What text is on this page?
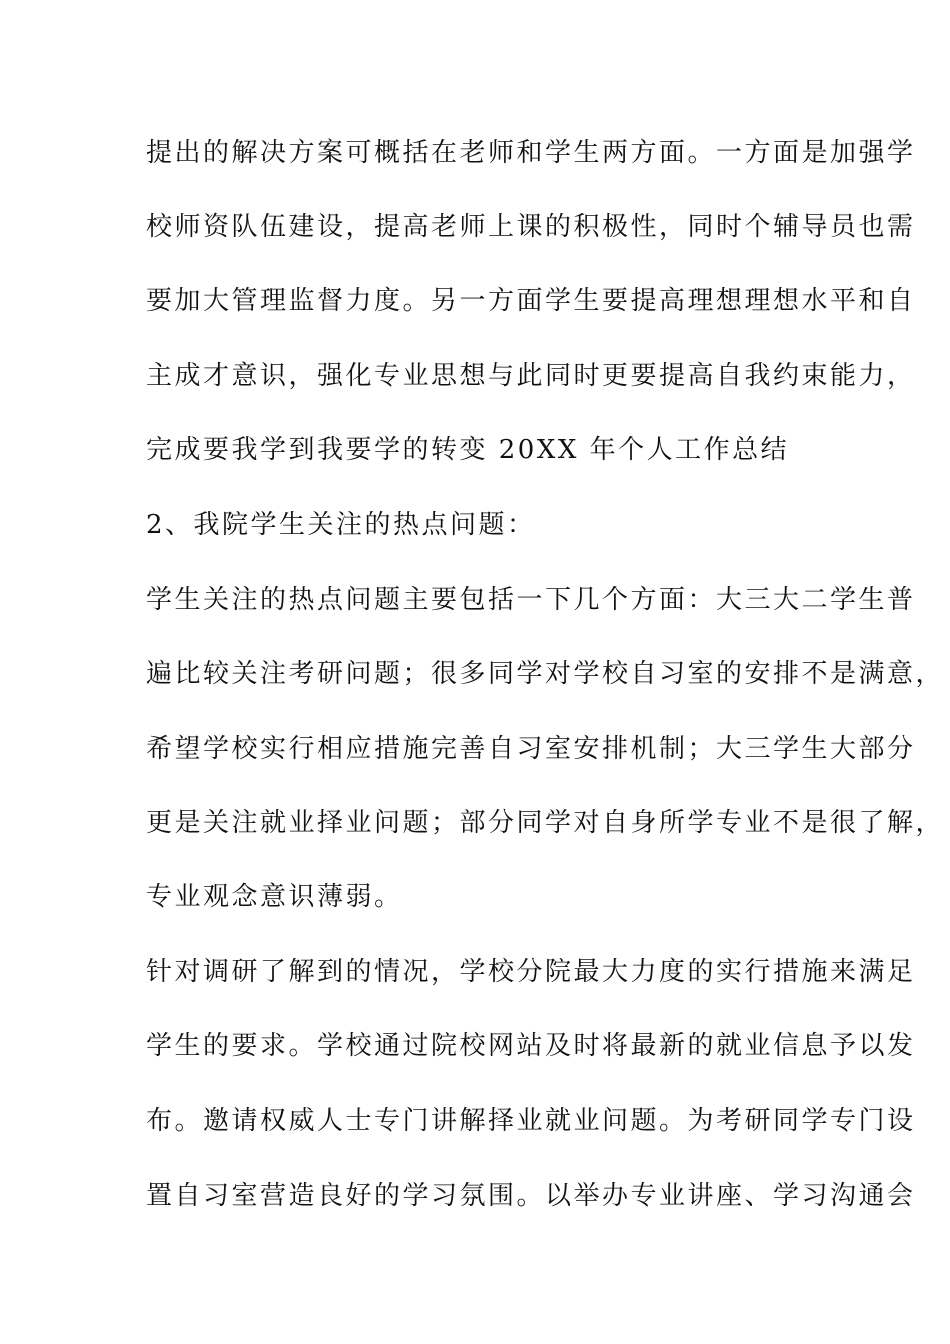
提出的解决方案可概括在老师和学生两方面。一方面是加强学
校师资队伍建设，提高老师上课的积极性，同时个辅导员也需
要加大管理监督力度。另一方面学生要提高理想理想水平和自
主成才意识，强化专业思想与此同时更要提高自我约束能力，
完成要我学到我要学的转变 20XX 年个人工作总结
2、我院学生关注的热点问题：
学生关注的热点问题主要包括一下几个方面：大三大二学生普
遍比较关注考研问题；很多同学对学校自习室的安排不是满意，
希望学校实行相应措施完善自习室安排机制；大三学生大部分
更是关注就业择业问题；部分同学对自身所学专业不是很了解，
专业观念意识薄弱。
针对调研了解到的情况，学校分院最大力度的实行措施来满足
学生的要求。学校通过院校网站及时将最新的就业信息予以发
布。邀请权威人士专门讲解择业就业问题。为考研同学专门设
置自习室营造良好的学习氛围。以举办专业讲座、学习沟通会
